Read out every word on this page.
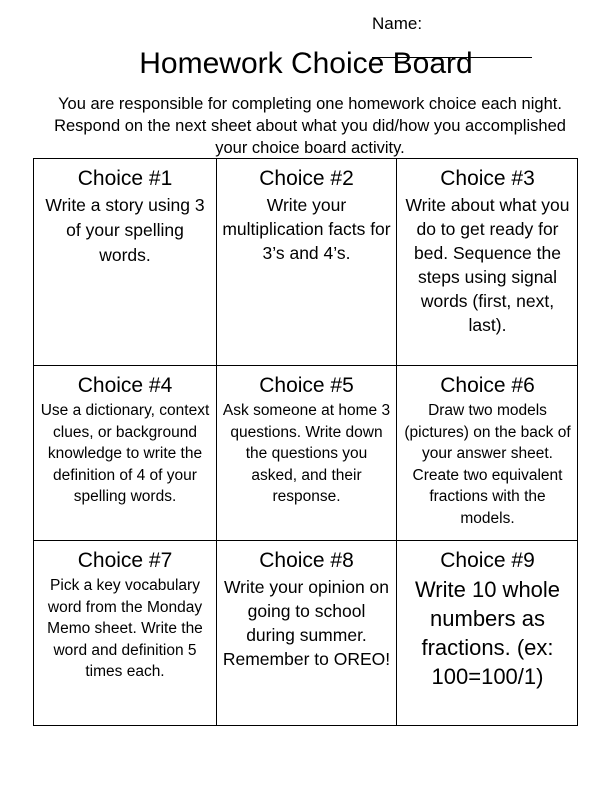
Name:
Homework Choice Board
You are responsible for completing one homework choice each night. Respond on the next sheet about what you did/how you accomplished your choice board activity.
Choice #1
Write a story using 3 of your spelling words.
Choice #2
Write your multiplication facts for 3’s and 4’s.
Choice #3
Write about what you do to get ready for bed. Sequence the steps using signal words (first, next, last).
Choice #4
Use a dictionary, context clues, or background knowledge to write the definition of 4 of your spelling words.
Choice #5
Ask someone at home 3 questions. Write down the questions you asked, and their response.
Choice #6
Draw two models (pictures) on the back of your answer sheet. Create two equivalent fractions with the models.
Choice #7
Pick a key vocabulary word from the Monday Memo sheet. Write the word and definition 5 times each.
Choice #8
Write your opinion on going to school during summer. Remember to OREO!
Choice #9
Write 10 whole numbers as fractions. (ex: 100=100/1)
